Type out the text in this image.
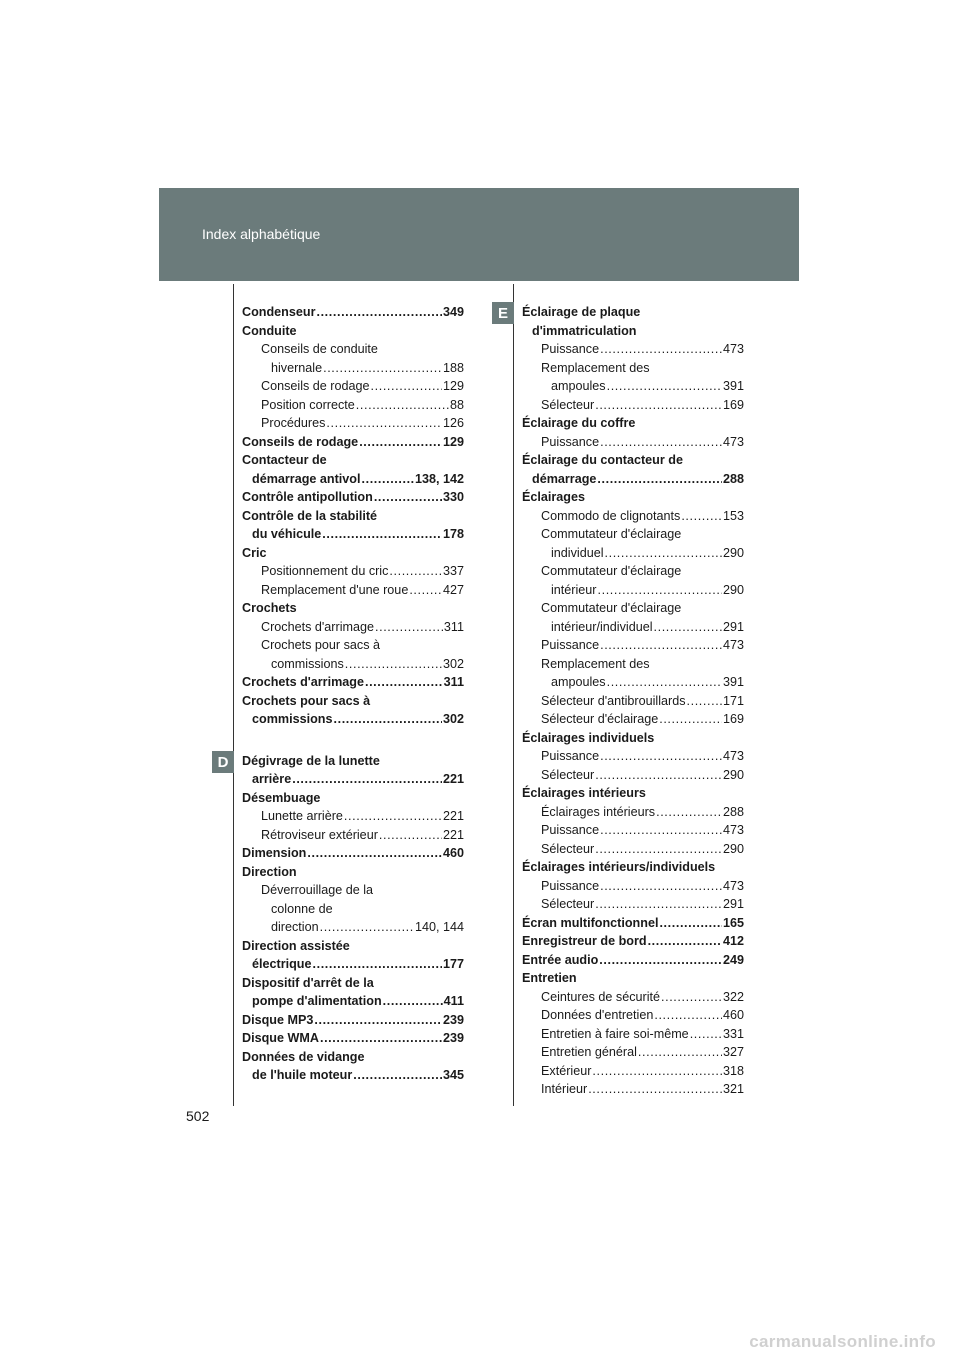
Index alphabétique
D
E
Condenseur .....	349
Conduite
Conseils de conduite
hivernale .....	188
Conseils de rodage .....	129
Position correcte .....	88
Procédures .....	126
Conseils de rodage .....	129
Contacteur de
démarrage antivol .....	138, 142
Contrôle antipollution .....	330
Contrôle de la stabilité
du véhicule .....	178
Cric
Positionnement du cric .....	337
Remplacement d'une roue .....	427
Crochets
Crochets d'arrimage .....	311
Crochets pour sacs à
commissions .....	302
Crochets d'arrimage .....	311
Crochets pour sacs à
commissions .....	302
Dégivrage de la lunette
arrière .....	221
Désembuage
Lunette arrière .....	221
Rétroviseur extérieur .....	221
Dimension .....	460
Direction
Déverrouillage de la
colonne de
direction .....	140, 144
Direction assistée
électrique .....	177
Dispositif d'arrêt de la
pompe d'alimentation .....	411
Disque MP3 .....	239
Disque WMA .....	239
Données de vidange
de l'huile moteur .....	345
Éclairage de plaque
d'immatriculation
Puissance .....	473
Remplacement des
ampoules .....	391
Sélecteur .....	169
Éclairage du coffre
Puissance .....	473
Éclairage du contacteur de
démarrage .....	288
Éclairages
Commodo de clignotants .....	153
Commutateur d'éclairage
individuel .....	290
Commutateur d'éclairage
intérieur .....	290
Commutateur d'éclairage
intérieur/individuel .....	291
Puissance .....	473
Remplacement des
ampoules .....	391
Sélecteur d'antibrouillards .....	171
Sélecteur d'éclairage .....	169
Éclairages individuels
Puissance .....	473
Sélecteur .....	290
Éclairages intérieurs
Éclairages intérieurs .....	288
Puissance .....	473
Sélecteur .....	290
Éclairages intérieurs/individuels
Puissance .....	473
Sélecteur .....	291
Écran multifonctionnel .....	165
Enregistreur de bord .....	412
Entrée audio .....	249
Entretien
Ceintures de sécurité .....	322
Données d'entretien .....	460
Entretien à faire soi-même .....	331
Entretien général .....	327
Extérieur .....	318
Intérieur .....	321
502
carmanualsonline.info
